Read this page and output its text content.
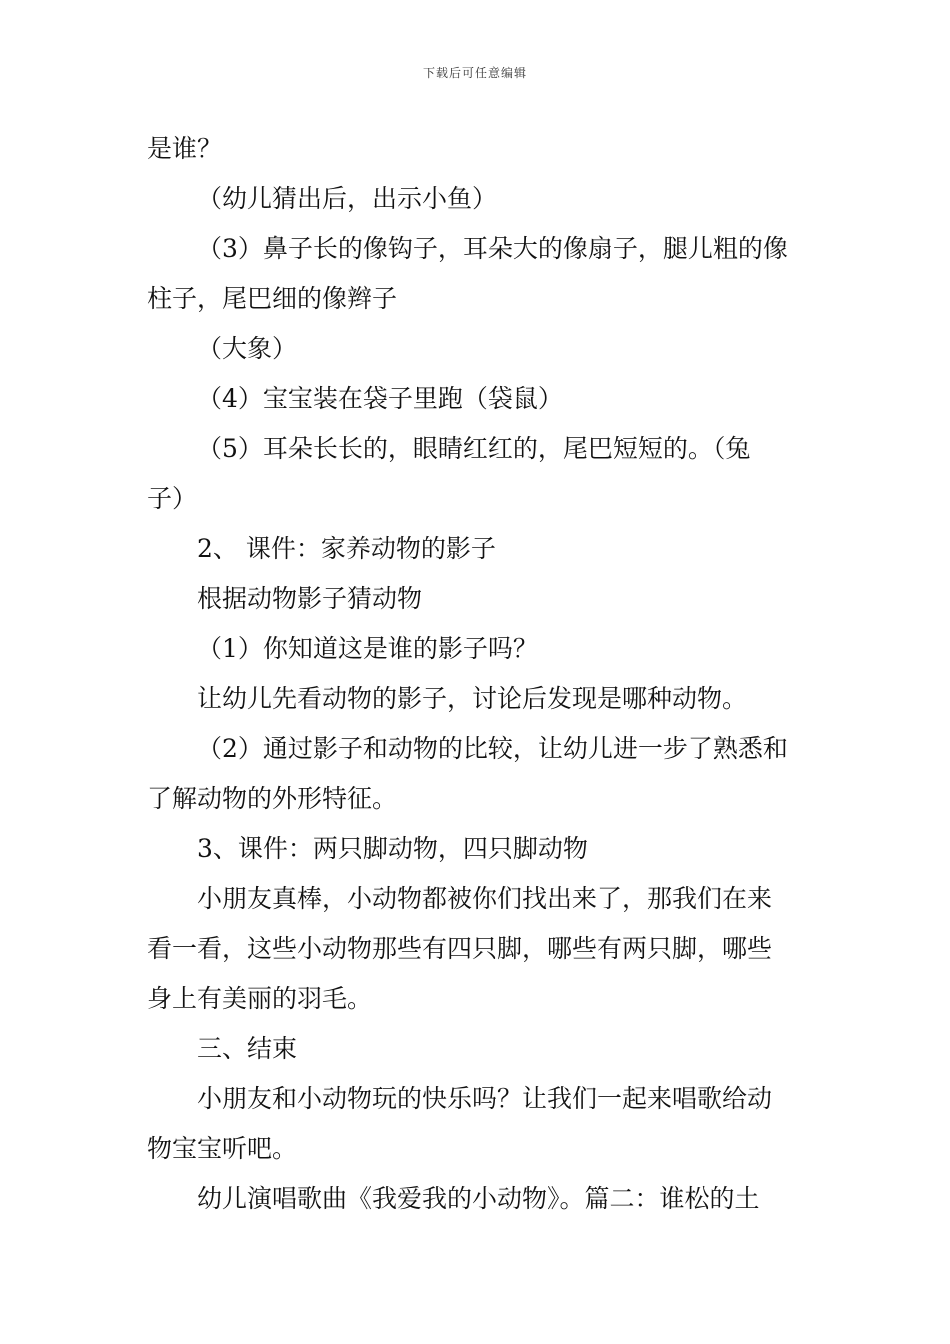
下载后可任意编辑
是谁？
（幼儿猜出后，出示小鱼）
（3）鼻子长的像钩子，耳朵大的像扇子，腿儿粗的像
柱子，尾巴细的像辫子
（大象）
（4）宝宝装在袋子里跑（袋鼠）
（5）耳朵长长的，眼睛红红的，尾巴短短的。（兔
子）
2、 课件：家养动物的影子
根据动物影子猜动物
（1）你知道这是谁的影子吗？
让幼儿先看动物的影子，讨论后发现是哪种动物。
（2）通过影子和动物的比较，让幼儿进一步了熟悉和
了解动物的外形特征。
3、课件：两只脚动物，四只脚动物
小朋友真棒，小动物都被你们找出来了，那我们在来
看一看，这些小动物那些有四只脚，哪些有两只脚，哪些
身上有美丽的羽毛。
三、结束
小朋友和小动物玩的快乐吗？让我们一起来唱歌给动
物宝宝听吧。
幼儿演唱歌曲《我爱我的小动物》。篇二：谁松的土
